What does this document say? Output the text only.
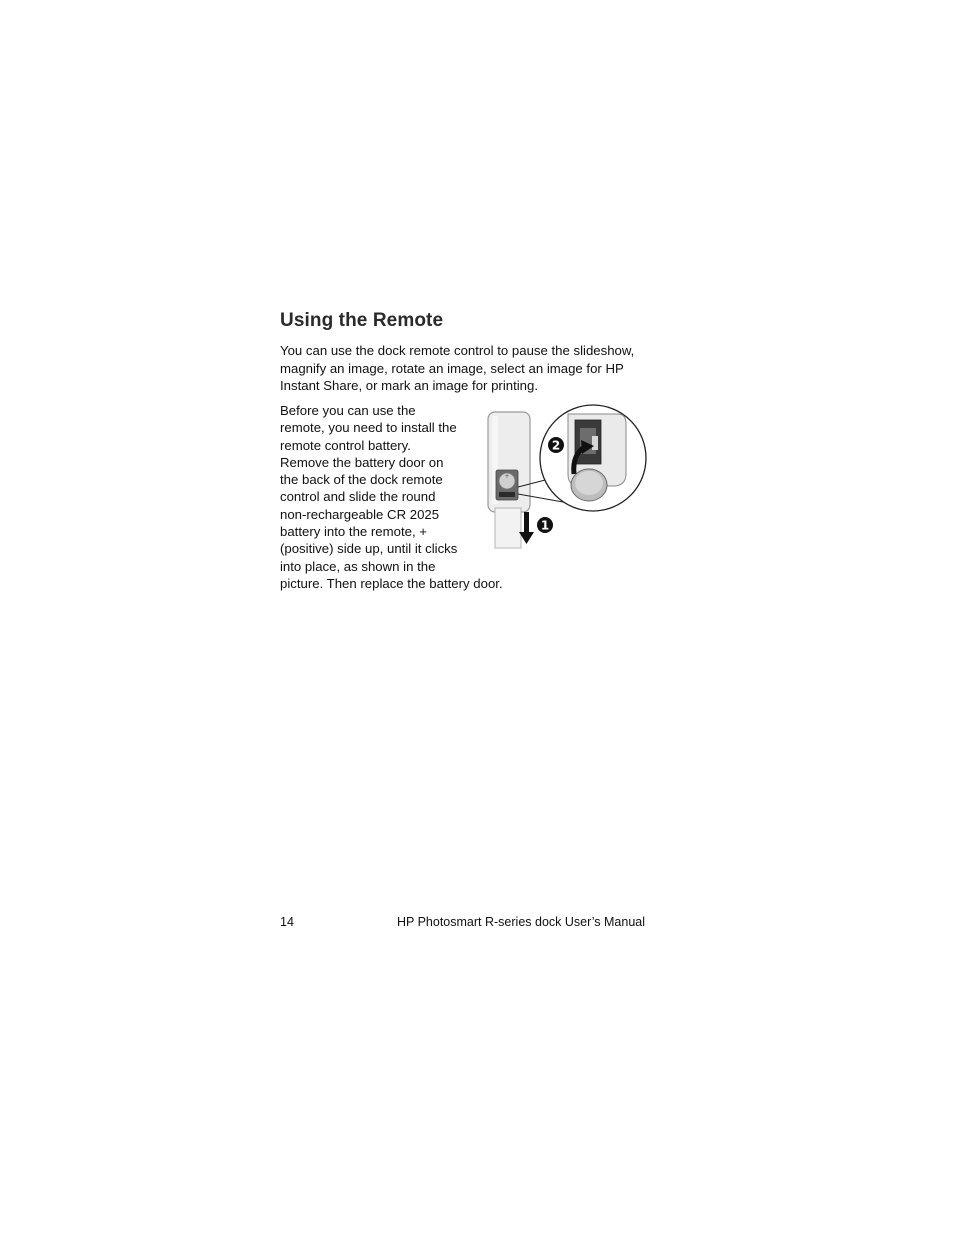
Using the Remote

You can use the dock remote control to pause the slideshow, magnify an image, rotate an image, select an image for HP Instant Share, or mark an image for printing.

+
1
2
Before you can use the remote, you need to install the remote control battery. Remove the battery door on the back of the dock remote control and slide the round non-rechargeable CR 2025 battery into the remote, + (positive) side up, until it clicks into place, as shown in the picture. Then replace the battery door.
14	HP Photosmart R-series dock User’s Manual
